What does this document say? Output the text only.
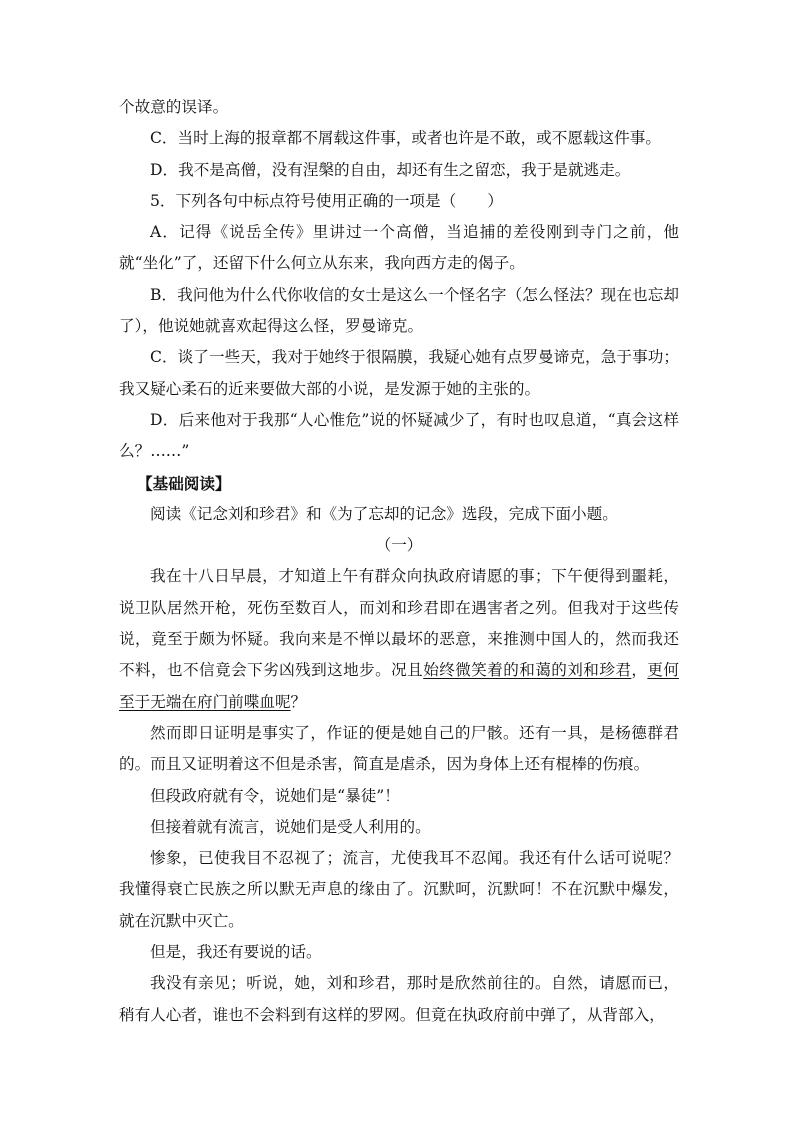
个故意的误译。

C．当时上海的报章都不屑载这件事，或者也许是不敢，或不愿载这件事。

D．我不是高僧，没有涅槃的自由，却还有生之留恋，我于是就逃走。

5．下列各句中标点符号使用正确的一项是（　　）

A．记得《说岳全传》里讲过一个高僧，当追捕的差役刚到寺门之前，他就“坐化”了，还留下什么何立从东来，我向西方走的偈子。

B．我问他为什么代你收信的女士是这么一个怪名字（怎么怪法？现在也忘却了），他说她就喜欢起得这么怪，罗曼谛克。

C．谈了一些天，我对于她终于很隔膜，我疑心她有点罗曼谛克，急于事功；我又疑心柔石的近来要做大部的小说，是发源于她的主张的。

D．后来他对于我那“人心惟危”说的怀疑减少了，有时也叹息道，“真会这样么？……”

【基础阅读】

阅读《记念刘和珍君》和《为了忘却的记念》选段，完成下面小题。

（一）

我在十八日早晨，才知道上午有群众向执政府请愿的事；下午便得到噩耗，说卫队居然开枪，死伤至数百人，而刘和珍君即在遇害者之列。但我对于这些传说，竟至于颇为怀疑。我向来是不惮以最坏的恶意，来推测中国人的，然而我还不料，也不信竟会下劣凶残到这地步。况且始终微笑着的和蔼的刘和珍君，更何至于无端在府门前喋血呢？

然而即日证明是事实了，作证的便是她自己的尸骸。还有一具，是杨德群君的。而且又证明着这不但是杀害，简直是虐杀，因为身体上还有棍棒的伤痕。

但段政府就有令，说她们是“暴徒”！

但接着就有流言，说她们是受人利用的。

惨象，已使我目不忍视了；流言，尤使我耳不忍闻。我还有什么话可说呢？我懂得衰亡民族之所以默无声息的缘由了。沉默呵，沉默呵！不在沉默中爆发，就在沉默中灭亡。

但是，我还有要说的话。

我没有亲见；听说，她，刘和珍君，那时是欣然前往的。自然，请愿而已，稍有人心者，谁也不会料到有这样的罗网。但竟在执政府前中弹了，从背部入，
